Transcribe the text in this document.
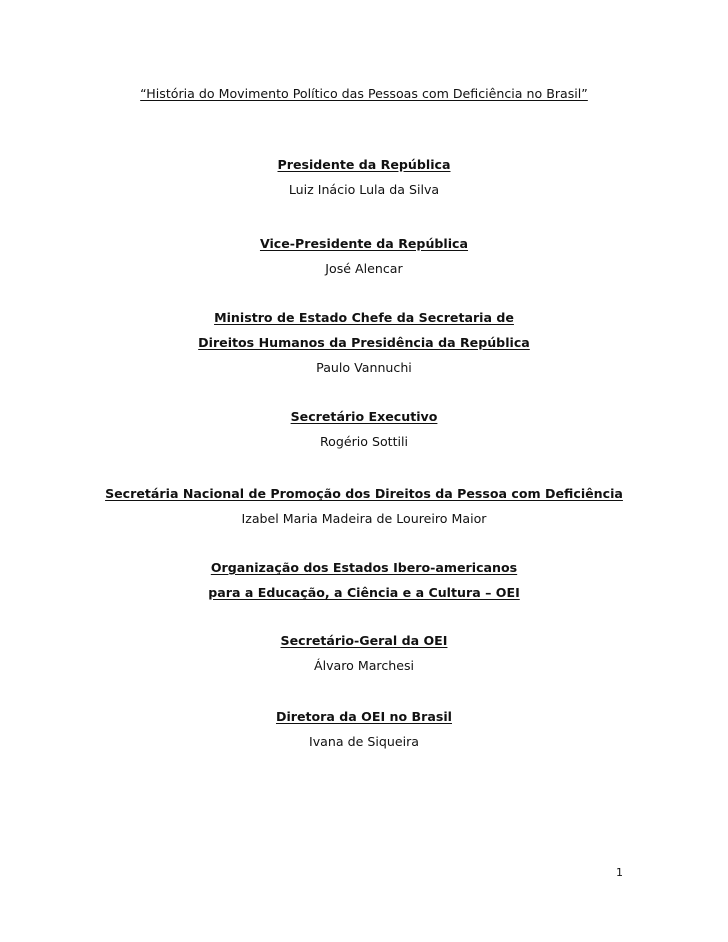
“História do Movimento Político das Pessoas com Deficiência no Brasil”
Presidente da República
Luiz Inácio Lula da Silva
Vice-Presidente da República
José Alencar
Ministro de Estado Chefe da Secretaria de
Direitos Humanos da Presidência da República
Paulo Vannuchi
Secretário Executivo
Rogério Sottili
Secretária Nacional de Promoção dos Direitos da Pessoa com Deficiência
Izabel Maria Madeira de Loureiro Maior
Organização dos Estados Ibero-americanos
para a Educação, a Ciência e a Cultura – OEI
Secretário-Geral da OEI
Álvaro Marchesi
Diretora da OEI no Brasil
Ivana de Siqueira
1
